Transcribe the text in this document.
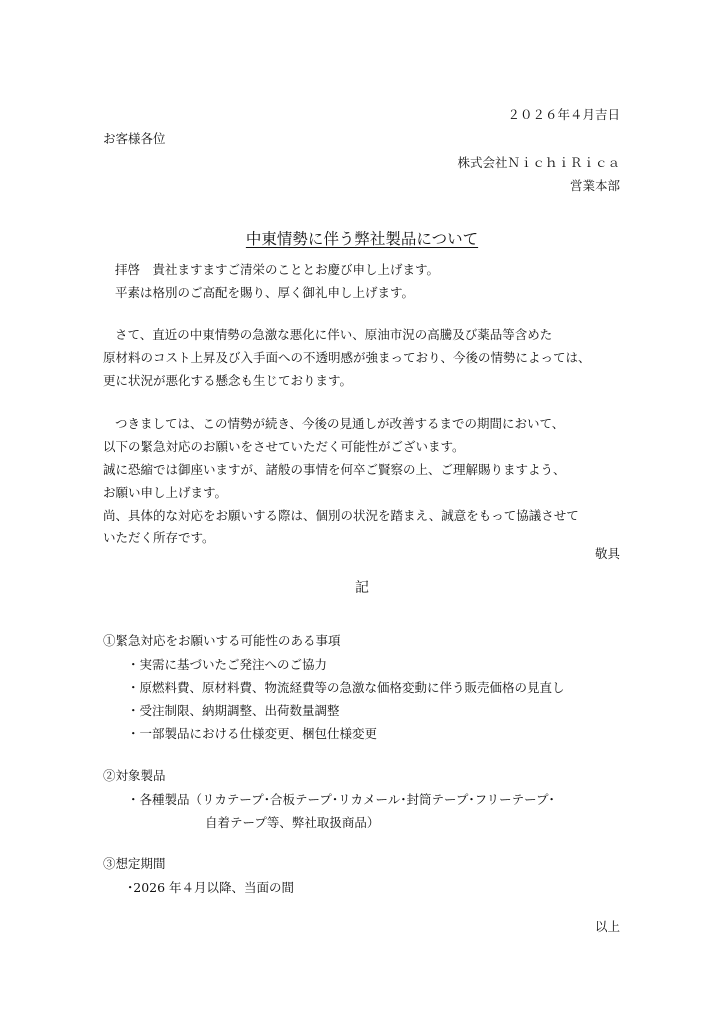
２０２６年４月吉日
お客様各位
株式会社ＮｉｃｈｉＲｉｃａ
営業本部
中東情勢に伴う弊社製品について
拝啓　貴社ますますご清栄のこととお慶び申し上げます。
平素は格別のご高配を賜り、厚く御礼申し上げます。
さて、直近の中東情勢の急激な悪化に伴い、原油市況の高騰及び薬品等含めた
原材料のコスト上昇及び入手面への不透明感が強まっており、今後の情勢によっては、
更に状況が悪化する懸念も生じております。
つきましては、この情勢が続き、今後の見通しが改善するまでの期間において、
以下の緊急対応のお願いをさせていただく可能性がございます。
誠に恐縮では御座いますが、諸般の事情を何卒ご賢察の上、ご理解賜りますよう、
お願い申し上げます。
尚、具体的な対応をお願いする際は、個別の状況を踏まえ、誠意をもって協議させて
いただく所存です。
敬具
記
①緊急対応をお願いする可能性のある事項
・実需に基づいたご発注へのご協力
・原燃料費、原材料費、物流経費等の急激な価格変動に伴う販売価格の見直し
・受注制限、納期調整、出荷数量調整
・一部製品における仕様変更、梱包仕様変更
②対象製品
・各種製品（リカテープ･合板テープ･リカメール･封筒テープ･フリーテープ･
自着テープ等、弊社取扱商品）
③想定期間
･2026 年４月以降、当面の間
以上
